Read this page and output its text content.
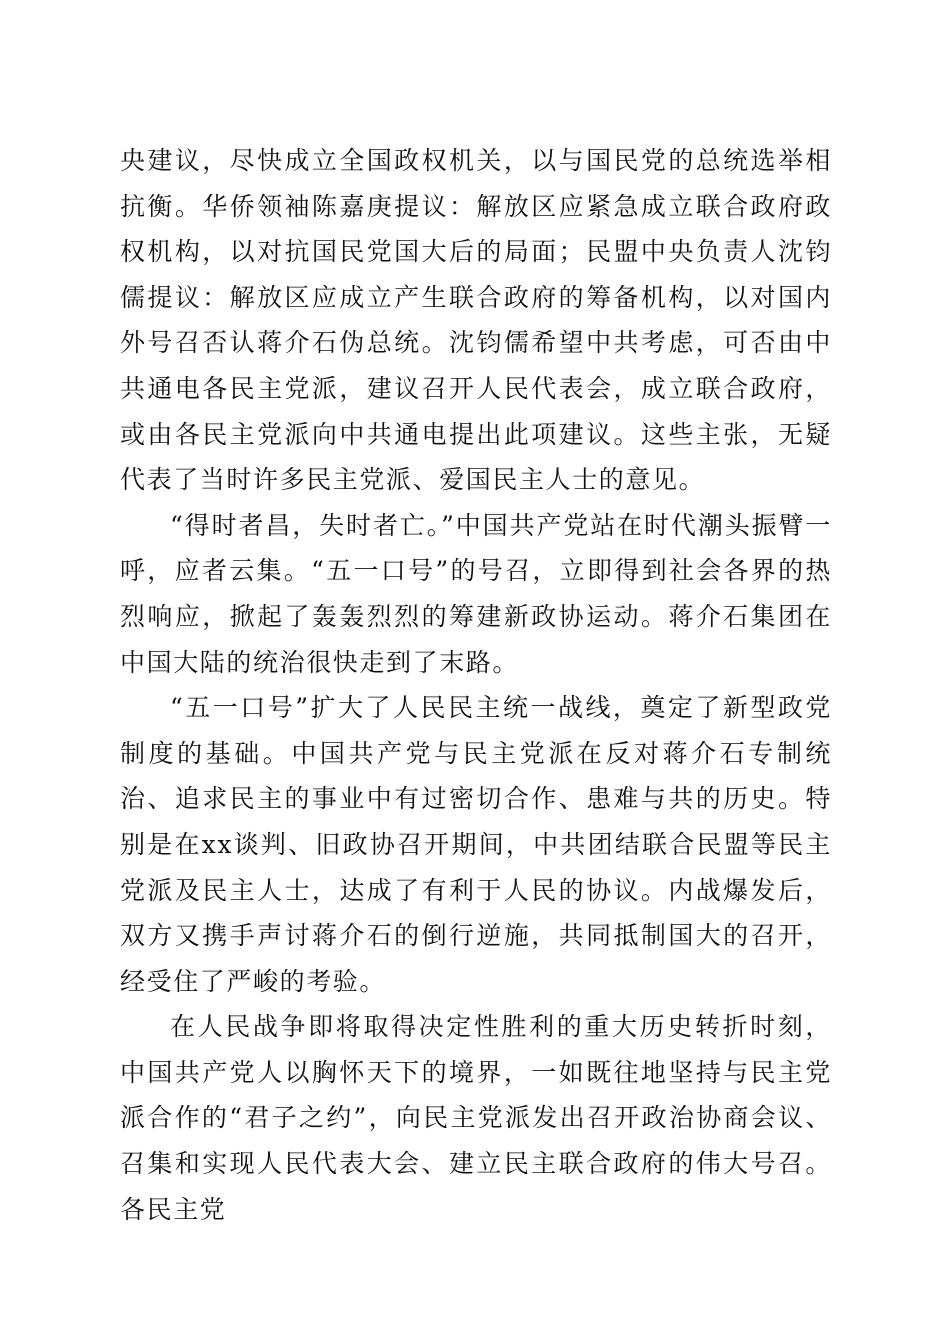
央建议，尽快成立全国政权机关，以与国民党的总统选举相抗衡。华侨领袖陈嘉庚提议：解放区应紧急成立联合政府政权机构，以对抗国民党国大后的局面；民盟中央负责人沈钧儒提议：解放区应成立产生联合政府的筹备机构，以对国内外号召否认蒋介石伪总统。沈钧儒希望中共考虑，可否由中共通电各民主党派，建议召开人民代表会，成立联合政府，或由各民主党派向中共通电提出此项建议。这些主张，无疑代表了当时许多民主党派、爱国民主人士的意见。

“得时者昌，失时者亡。”中国共产党站在时代潮头振臂一呼，应者云集。“五一口号”的号召，立即得到社会各界的热烈响应，掀起了轰轰烈烈的筹建新政协运动。蒋介石集团在中国大陆的统治很快走到了末路。

“五一口号”扩大了人民民主统一战线，奠定了新型政党制度的基础。中国共产党与民主党派在反对蒋介石专制统治、追求民主的事业中有过密切合作、患难与共的历史。特别是在xx谈判、旧政协召开期间，中共团结联合民盟等民主党派及民主人士，达成了有利于人民的协议。内战爆发后，双方又携手声讨蒋介石的倒行逆施，共同抵制国大的召开，经受住了严峻的考验。

在人民战争即将取得决定性胜利的重大历史转折时刻，中国共产党人以胸怀天下的境界，一如既往地坚持与民主党派合作的“君子之约”，向民主党派发出召开政治协商会议、召集和实现人民代表大会、建立民主联合政府的伟大号召。各民主党
